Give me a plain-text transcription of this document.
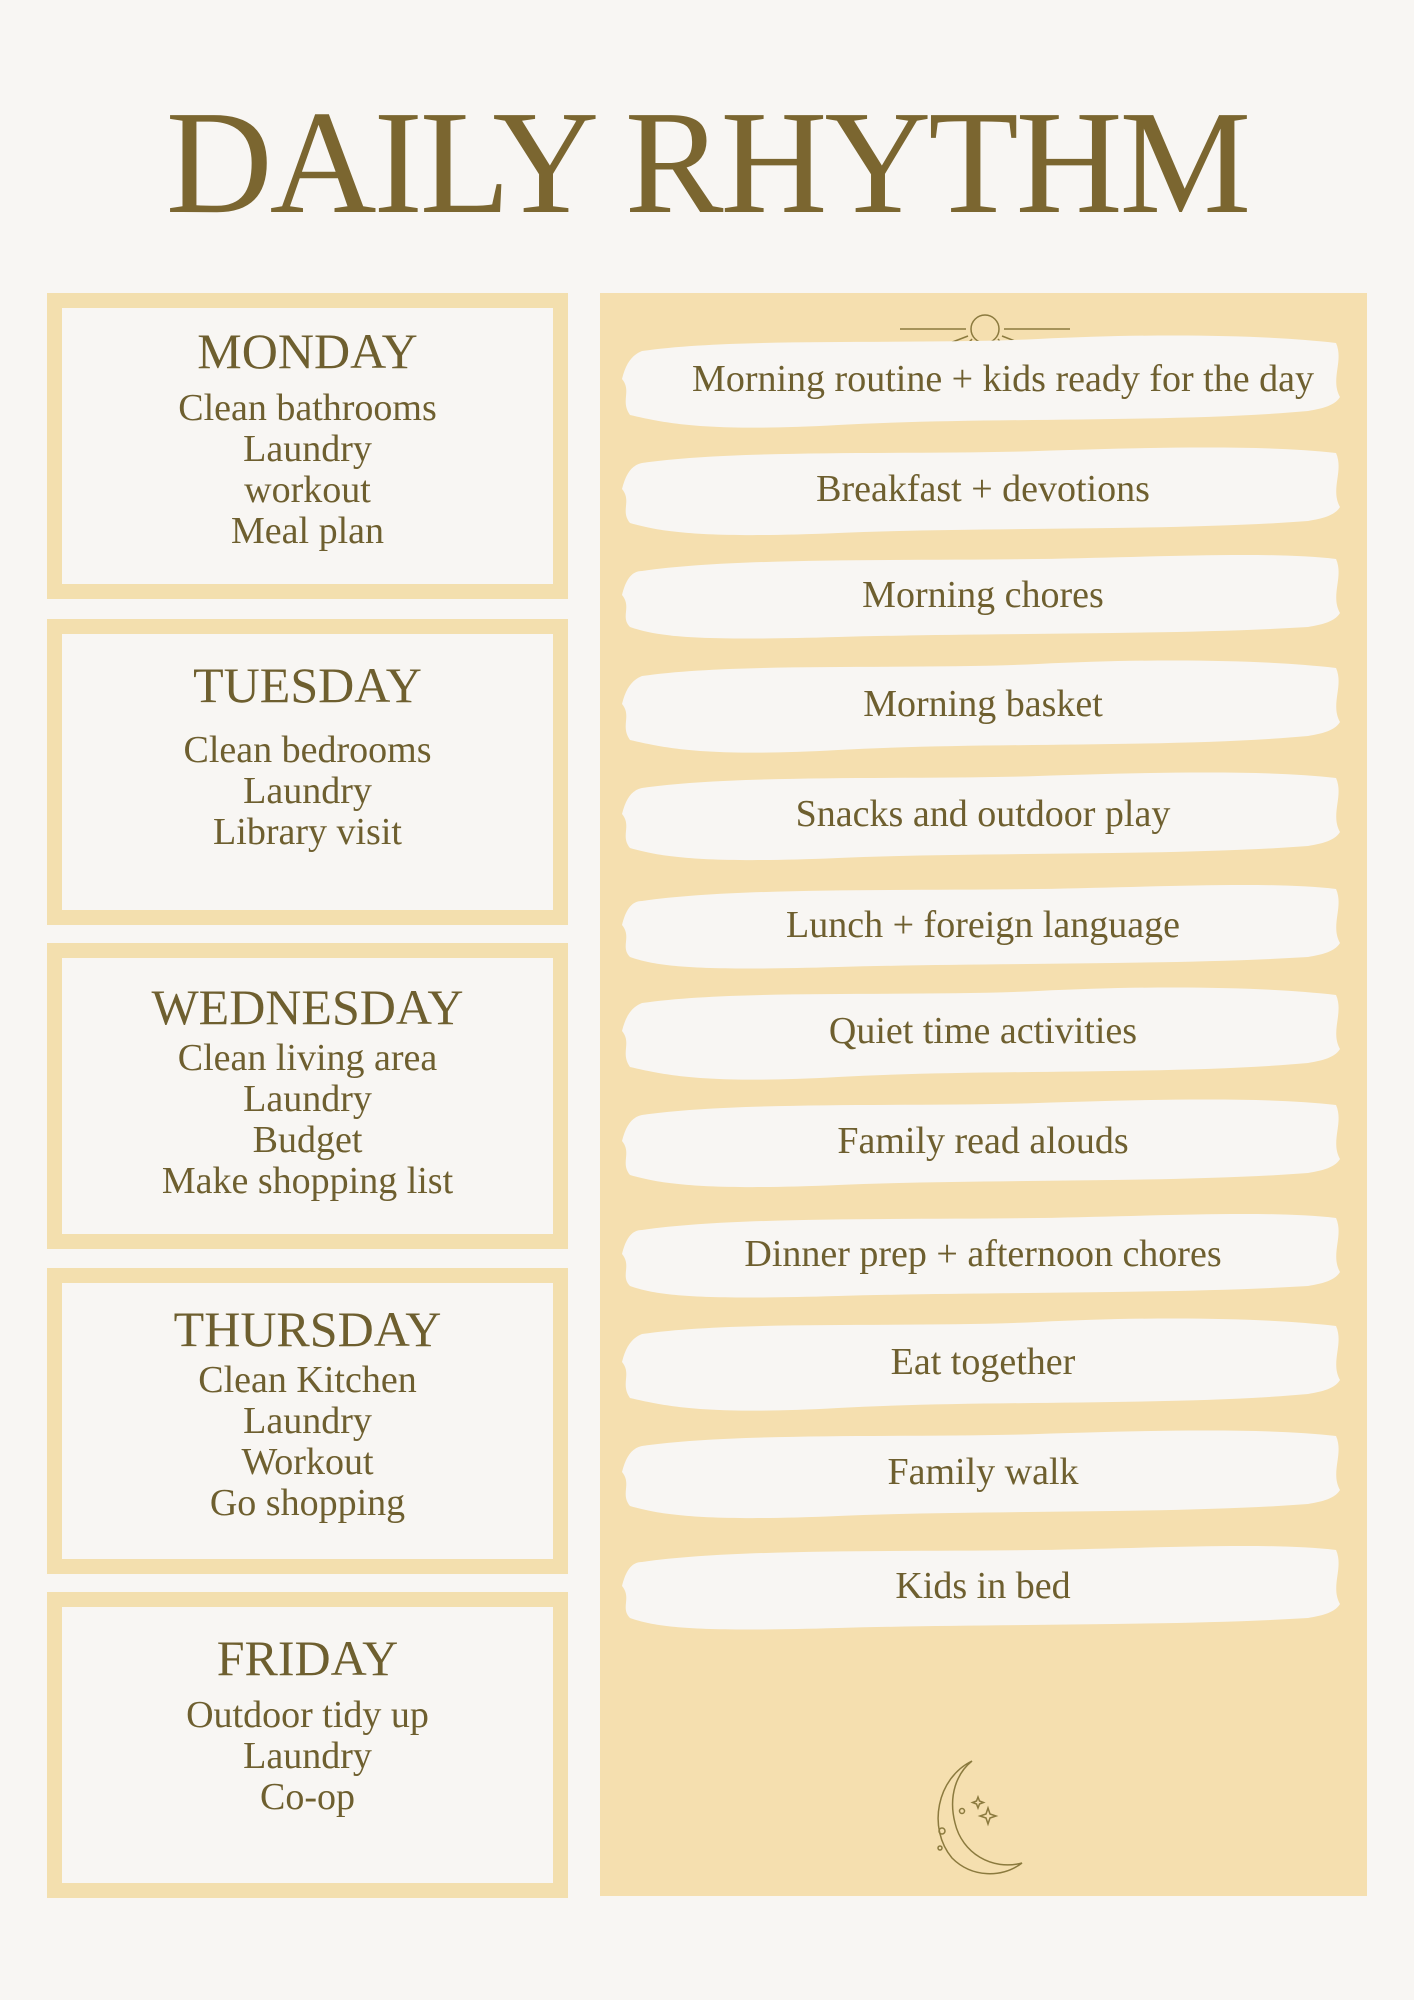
DAILY RHYTHM
MONDAY
Clean bathrooms
Laundry
workout
Meal plan
TUESDAY
Clean bedrooms
Laundry
Library visit
WEDNESDAY
Clean living area
Laundry
Budget
Make shopping list
THURSDAY
Clean Kitchen
Laundry
Workout
Go shopping
FRIDAY
Outdoor tidy up
Laundry
Co-op
Morning routine + kids ready for the day
Breakfast + devotions
Morning chores
Morning basket
Snacks and outdoor play
Lunch + foreign language
Quiet time activities
Family read alouds
Dinner prep + afternoon chores
Eat together
Family walk
Kids in bed
